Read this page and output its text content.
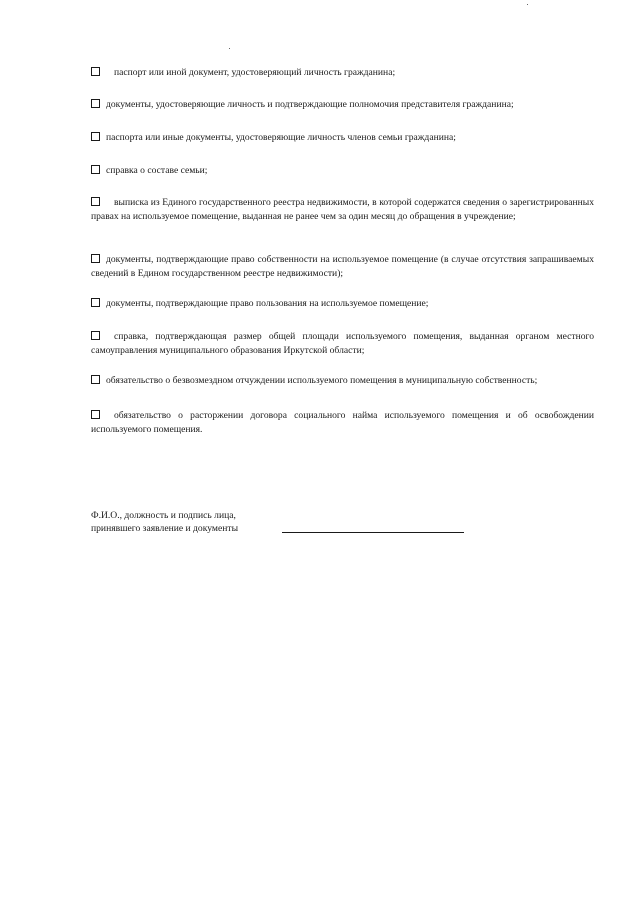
паспорт или иной документ, удостоверяющий личность гражданина;
документы, удостоверяющие личность и подтверждающие полномочия представителя гражданина;
паспорта или иные документы, удостоверяющие личность членов семьи гражданина;
справка о составе семьи;
выписка из Единого государственного реестра недвижимости, в которой содержатся сведения о зарегистрированных правах на используемое помещение, выданная не ранее чем за один месяц до обращения в учреждение;
документы, подтверждающие право собственности на используемое помещение (в случае отсутствия запрашиваемых сведений в Едином государственном реестре недвижимости);
документы, подтверждающие право пользования на используемое помещение;
справка, подтверждающая размер общей площади используемого помещения, выданная органом местного самоуправления муниципального образования Иркутской области;
обязательство о безвозмездном отчуждении используемого помещения в муниципальную собственность;
обязательство о расторжении договора социального найма используемого помещения и об освобождении используемого помещения.
Ф.И.О., должность и подпись лица,
принявшего заявление и документы
